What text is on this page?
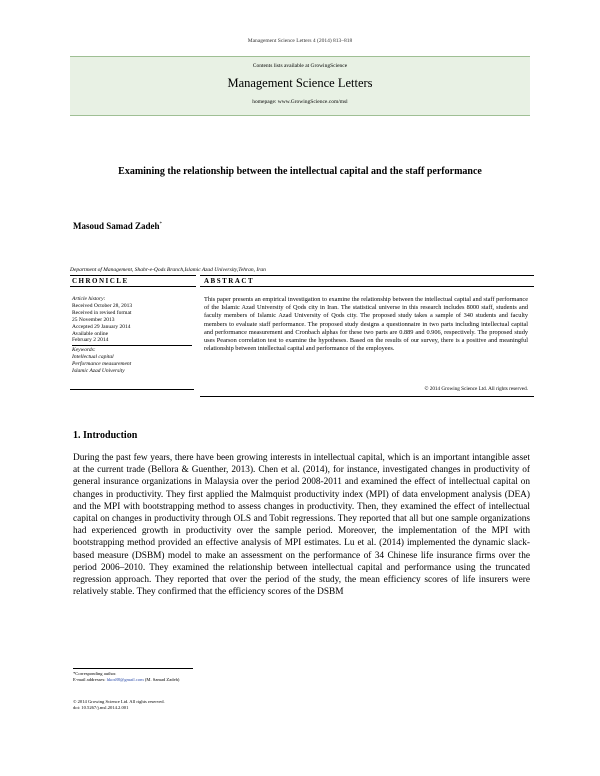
Management Science Letters 4 (2014) 813–818
Contents lists available at GrowingScience
Management Science Letters
homepage: www.GrowingScience.com/msl
Examining the relationship between the intellectual capital and the staff performance
Masoud Samad Zadeh*
Department of Management, Shahr-e-Qods Branch,Islamic Azad University,Tehran, Iran
CHRONICLE	ABSTRACT
Article history:
Received October 28, 2013
Received in revised format
25 November 2013
Accepted 29 January 2014
Available online
February 2 2014
Keywords:
Intellectual capital
Performance measurement
Islamic Azad University
This paper presents an empirical investigation to examine the relationship between the intellectual capital and staff performance of the Islamic Azad University of Qods city in Iran. The statistical universe in this research includes 8000 staff, students and faculty members of Islamic Azad University of Qods city. The proposed study takes a sample of 340 students and faculty members to evaluate staff performance. The proposed study designs a questionnaire in two parts including intellectual capital and performance measurement and Cronbach alphas for these two parts are 0.889 and 0.906, respectively. The proposed study uses Pearson correlation test to examine the hypotheses. Based on the results of our survey, there is a positive and meaningful relationship between intellectual capital and performance of the employees.
© 2014 Growing Science Ltd. All rights reserved.
1. Introduction
During the past few years, there have been growing interests in intellectual capital, which is an important intangible asset at the current trade (Bellora & Guenther, 2013). Chen et al. (2014), for instance, investigated changes in productivity of general insurance organizations in Malaysia over the period 2008-2011 and examined the effect of intellectual capital on changes in productivity. They first applied the Malmquist productivity index (MPI) of data envelopment analysis (DEA) and the MPI with bootstrapping method to assess changes in productivity. Then, they examined the effect of intellectual capital on changes in productivity through OLS and Tobit regressions. They reported that all but one sample organizations had experienced growth in productivity over the sample period. Moreover, the implementation of the MPI with bootstrapping method provided an effective analysis of MPI estimates. Lu et al. (2014) implemented the dynamic slack-based measure (DSBM) model to make an assessment on the performance of 34 Chinese life insurance firms over the period 2006–2010. They examined the relationship between intellectual capital and performance using the truncated regression approach. They reported that over the period of the study, the mean efficiency scores of life insurers were relatively stable. They confirmed that the efficiency scores of the DSBM
*Corresponding author.
E-mail addresses: hkos88@gmail.com (M. Samad Zadeh)
© 2014 Growing Science Ltd. All rights reserved.
doi: 10.5267/j.msl.2014.2.001
